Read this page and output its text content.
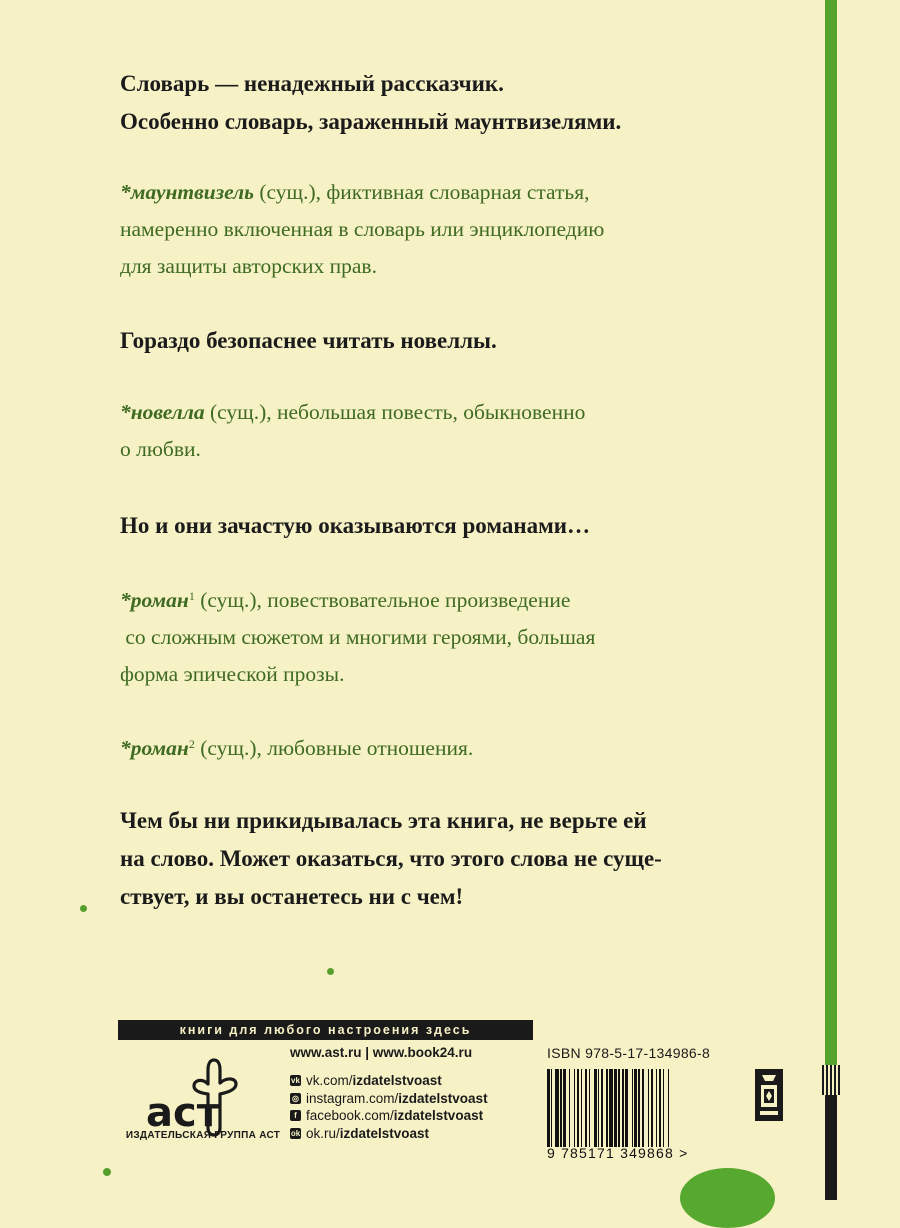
Словарь — ненадежный рассказчик.
Особенно словарь, зараженный маунтвизелями.
*маунтвизель (сущ.), фиктивная словарная статья,
намеренно включенная в словарь или энциклопедию
для защиты авторских прав.
Гораздо безопаснее читать новеллы.
*новелла (сущ.), небольшая повесть, обыкновенно
о любви.
Но и они зачастую оказываются романами…
*роман$^1$ (сущ.), повествовательное произведение
со сложным сюжетом и многими героями, большая
форма эпической прозы.
*роман$^2$ (сущ.), любовные отношения.
Чем бы ни прикидывалась эта книга, не верьте ей
на слово. Может оказаться, что этого слова не суще-
ствует, и вы останетесь ни с чем!
книги для любого настроения здесь
аст
ИЗДАТЕЛЬСКАЯ ГРУППА АСТ
www.ast.ru | www.book24.ru
vk vk.com/ izdatelstvoast
◎ instagram.com/ izdatelstvoast
f facebook.com/ izdatelstvoast
ok ok.ru/ izdatelstvoast
ISBN 978-5-17-134986-8
9 785171 349868 >
